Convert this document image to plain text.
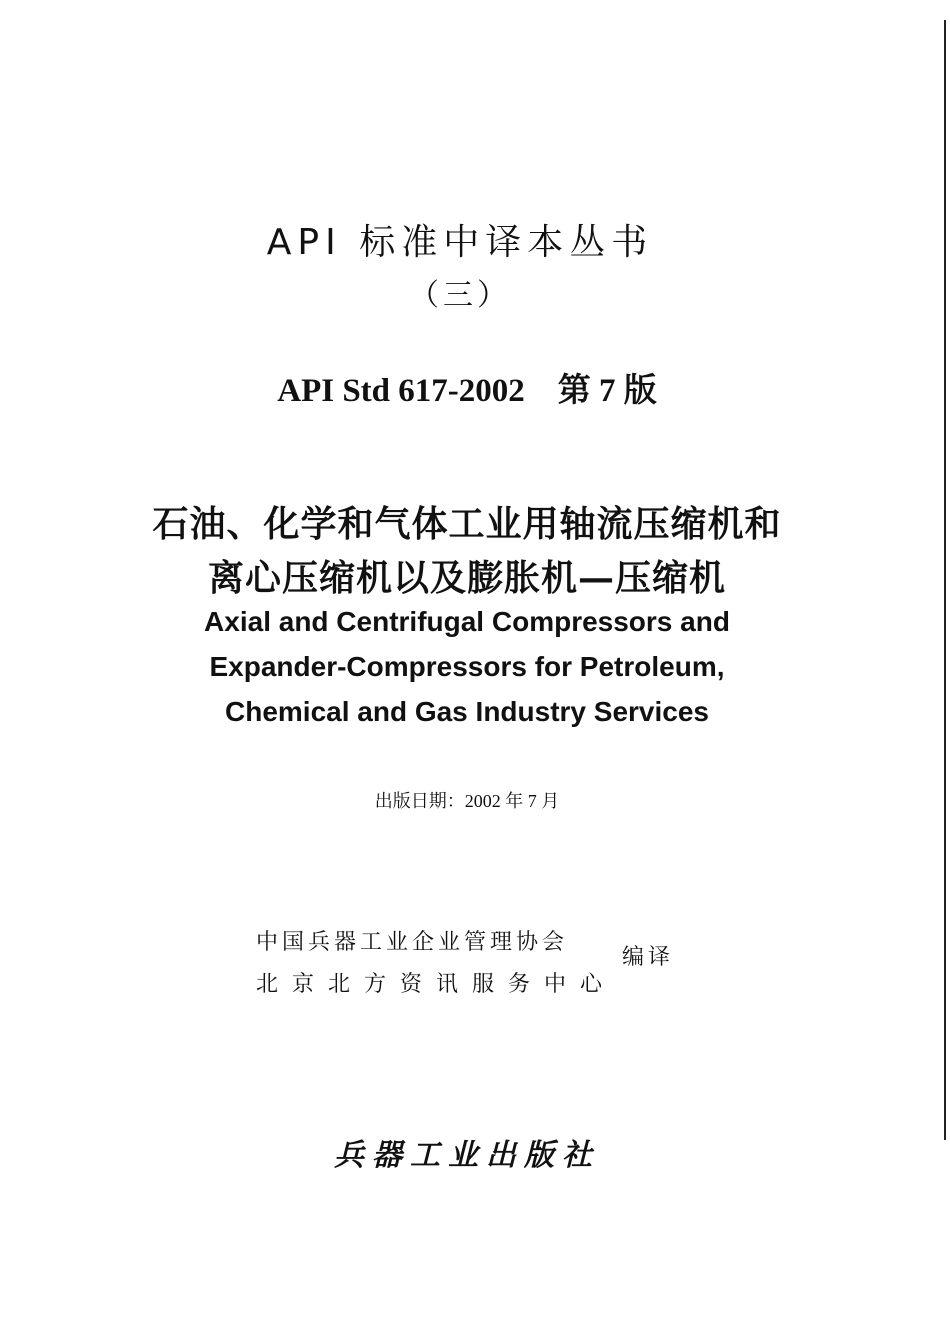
API 标准中译本丛书
（三）
API Std 617-2002 第 7 版
石油、化学和气体工业用轴流压缩机和
离心压缩机以及膨胀机—压缩机
Axial and Centrifugal Compressors and
Expander-Compressors for Petroleum,
Chemical and Gas Industry Services
出版日期：2002 年 7 月
中国兵器工业企业管理协会
北京北方资讯服务中心
编译
兵器工业出版社
